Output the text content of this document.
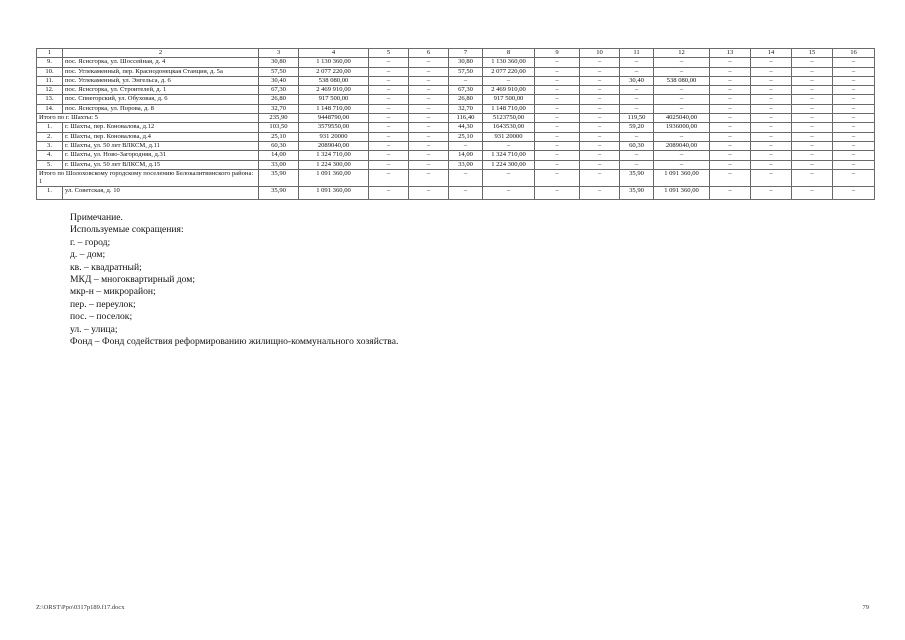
1	2	3	4	5	6	7	8	9	10	11	12	13	14	15	16
9.	пос. Яснсгорка, ул. Шоссейная, д. 4	30,80	1 130 360,00	–	–	30,80	1 130 360,00	–	–	–	–	–	–	–	–
10.	пос. Углекаменный, пер. Краснодонецкая Станция, д. 5а	57,50	2 077 220,00	–	–	57,50	2 077 220,00	–	–	–	–	–	–	–	–
11.	пос. Углекаменный, ул. Энгельса, д. 6	30,40	538 080,00	–	–	–	–	–	–	30,40	538 080,00	–	–	–	–
12.	пос. Яснсгорка, ул. Строителей, д. 1	67,30	2 469 910,00	–	–	67,30	2 469 910,00	–	–	–	–	–	–	–	–
13.	пос. Спнегорский, ул. Обуховая, д. 6	26,80	917 500,00	–	–	26,80	917 500,00	–	–	–	–	–	–	–	–
14.	пос. Яснсгорка, ул. Порова, д. 8	32,70	1 148 710,00	–	–	32,70	1 148 710,00	–	–	–	–	–	–	–	–
Итого по г. Шахты: 5		235,90	9448790,00	–	–	116,40	5123750,00	–	–	119,50	4025040,00	–	–	–	–
1.	г. Шахты, пер. Коновалова, д.12	103,50	3579550,00	–	–	44,30	1643530,00	–	–	59,20	1936000,00	–	–	–	–
2.	г. Шахты, пер. Коновалова, д.4	25,10	931 20000	–	–	25,10	931 20000	–	–	–	–	–	–	–	–
3.	г. Шахты, ул. 50 лет ВЛКСМ, д.11	60,30	2089040,00	–	–	–	–	–	–	60,30	2089040,00	–	–	–	–
4.	г. Шахты, ул. Ново-Загородняя, д.31	14,00	1 324 710,00	–	–	14,00	1 324 710,00	–	–	–	–	–	–	–	–
5.	г. Шахты, ул. 50 лет ВЛКСМ, д.15	33,00	1 224 300,00	–	–	33,00	1 224 300,00	–	–	–	–	–	–	–	–
Итого по Шолоховскому городскому поселению Белокалитвинского района: 1		35,90	1 091 360,00	–	–	–	–	–	–	35,90	1 091 360,00	–	–	–	–
1.	ул. Советская, д. 10	35,90	1 091 360,00	–	–	–	–	–	–	35,90	1 091 360,00	–	–	–	–
Примечание.
Используемые сокращения:
г. – город;
д. – дом;
кв. – квадратный;
МКД – многоквартирный дом;
мкр-н – микрорайон;
пер. – переулок;
пос. – поселок;
ул. – улица;
Фонд – Фонд содействия реформированию жилищно-коммунального хозяйства.
Z:\ORST\Ppo\0317p189.f17.docx	79
